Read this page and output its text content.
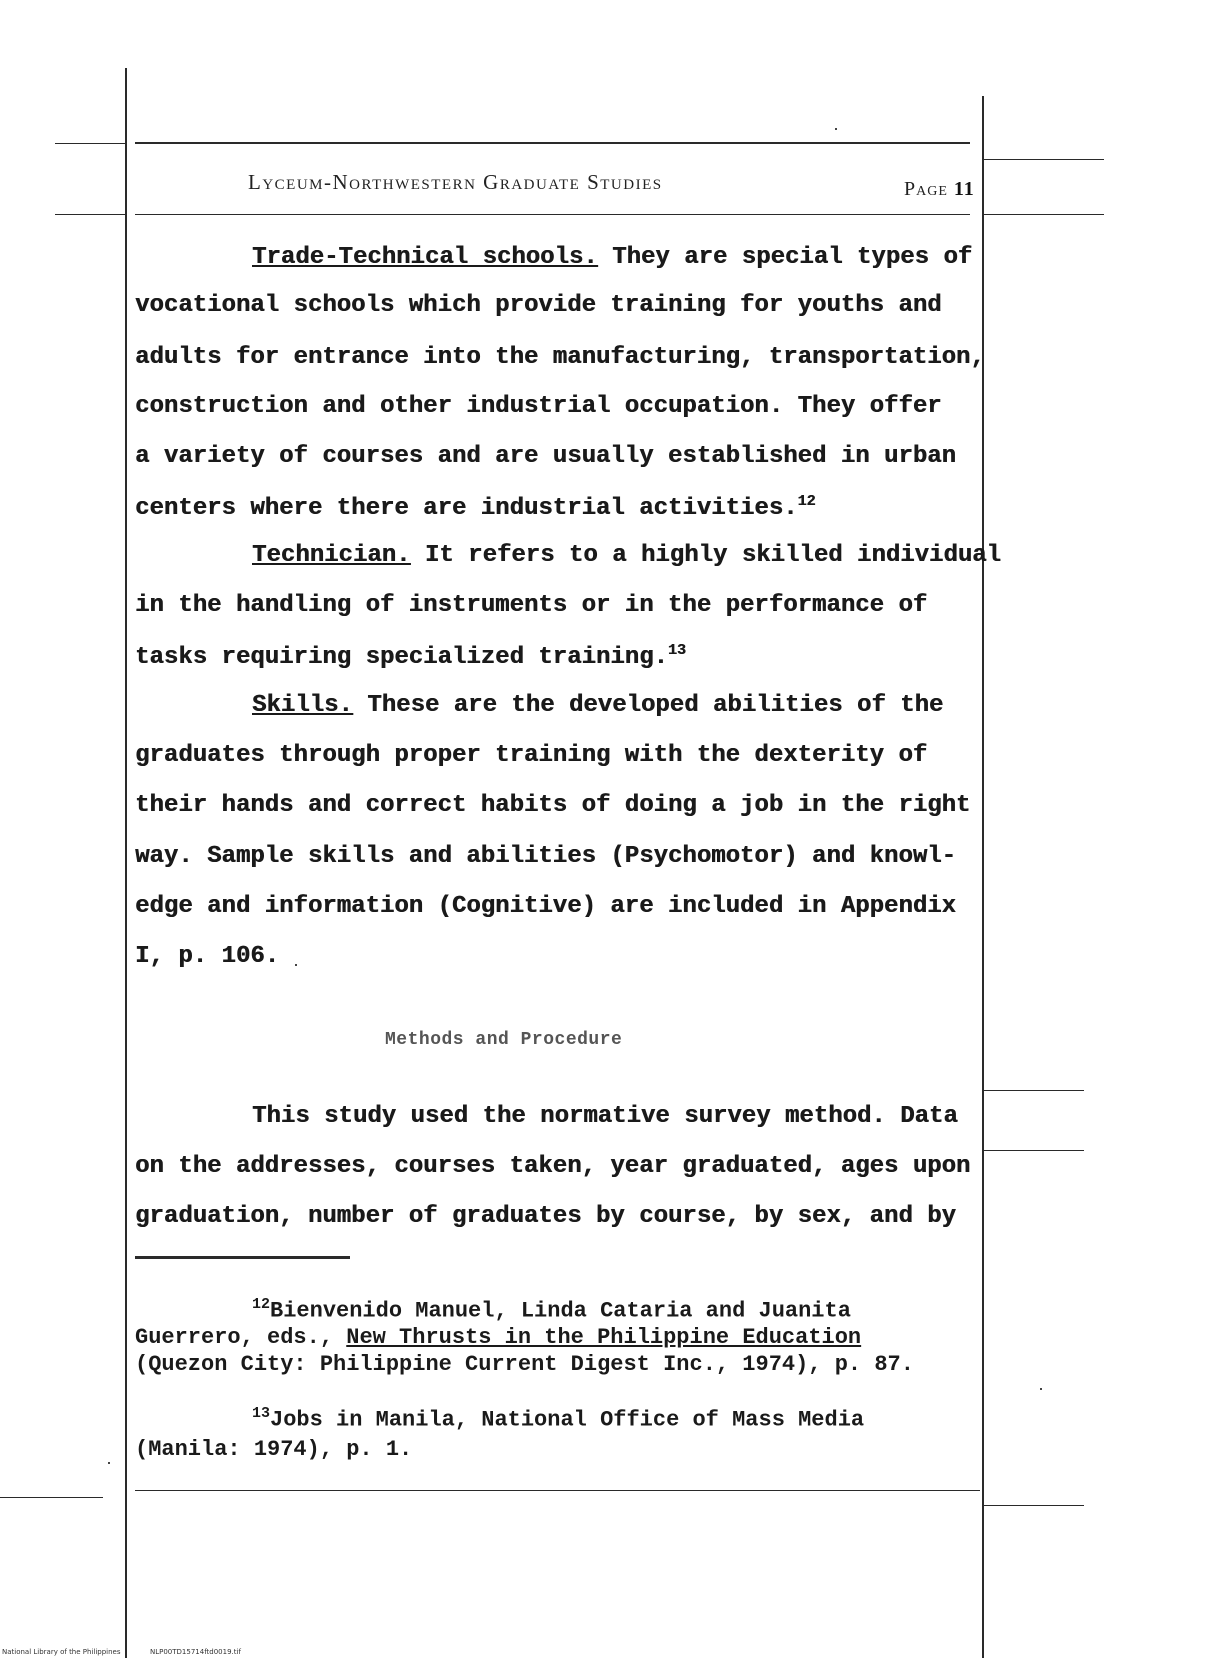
Lyceum-Northwestern Graduate Studies	Page 11
Trade-Technical schools. They are special types of
vocational schools which provide training for youths and
adults for entrance into the manufacturing, transportation,
construction and other industrial occupation. They offer
a variety of courses and are usually established in urban
centers where there are industrial activities.$^{12}$
Technician. It refers to a highly skilled individual
in the handling of instruments or in the performance of
tasks requiring specialized training.$^{13}$
Skills. These are the developed abilities of the
graduates through proper training with the dexterity of
their hands and correct habits of doing a job in the right
way. Sample skills and abilities (Psychomotor) and knowl-
edge and information (Cognitive) are included in Appendix
I, p. 106.
Methods and Procedure
This study used the normative survey method. Data
on the addresses, courses taken, year graduated, ages upon
graduation, number of graduates by course, by sex, and by
$^{12}$Bienvenido Manuel, Linda Cataria and Juanita
Guerrero, eds., New Thrusts in the Philippine Education
(Quezon City: Philippine Current Digest Inc., 1974), p. 87.
$^{13}$Jobs in Manila, National Office of Mass Media
(Manila: 1974), p. 1.
National Library of the Philippines	NLP00TD15714ftd0019.tif
